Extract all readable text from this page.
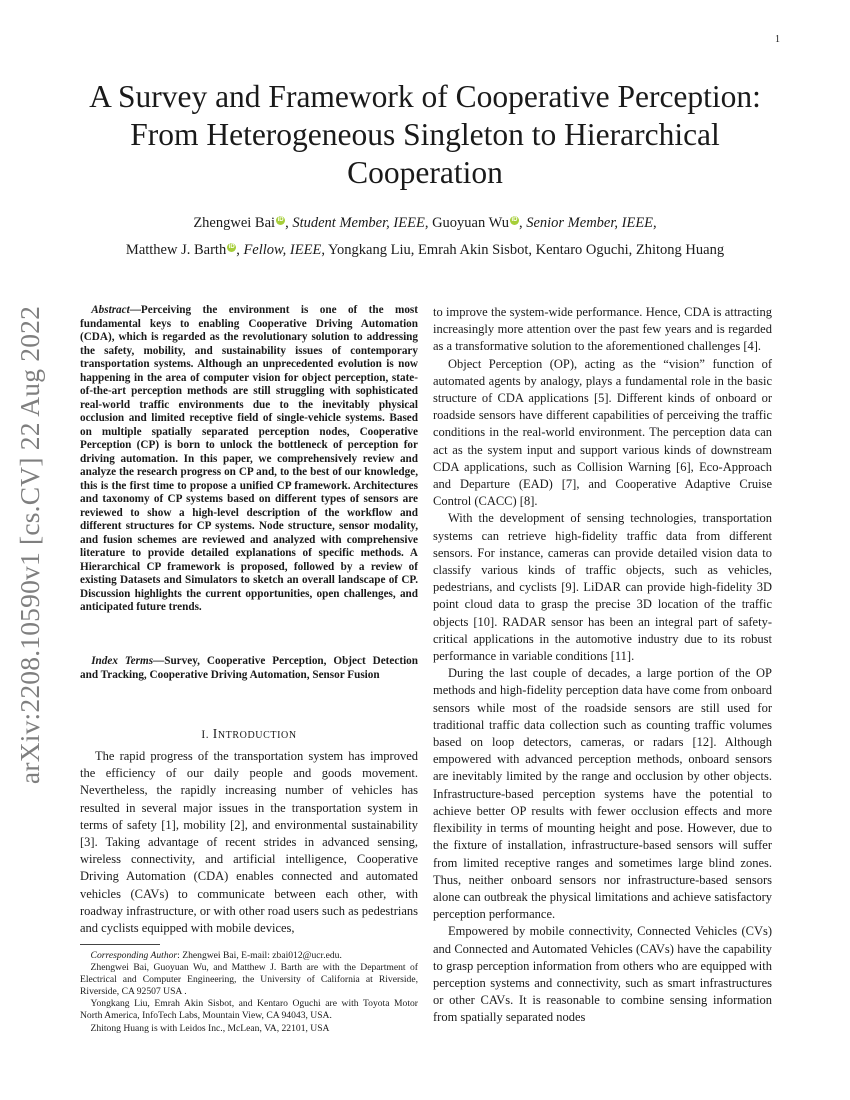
1
arXiv:2208.10590v1 [cs.CV] 22 Aug 2022
A Survey and Framework of Cooperative Perception: From Heterogeneous Singleton to Hierarchical Cooperation
Zhengwei Bai iD , Student Member, IEEE, Guoyuan Wu iD , Senior Member, IEEE,
Matthew J. Barth iD , Fellow, IEEE, Yongkang Liu, Emrah Akin Sisbot, Kentaro Oguchi, Zhitong Huang
Abstract—Perceiving the environment is one of the most fundamental keys to enabling Cooperative Driving Automation (CDA), which is regarded as the revolutionary solution to addressing the safety, mobility, and sustainability issues of contemporary transportation systems. Although an unprecedented evolution is now happening in the area of computer vision for object perception, state-of-the-art perception methods are still struggling with sophisticated real-world traffic environments due to the inevitably physical occlusion and limited receptive field of single-vehicle systems. Based on multiple spatially separated perception nodes, Cooperative Perception (CP) is born to unlock the bottleneck of perception for driving automation. In this paper, we comprehensively review and analyze the research progress on CP and, to the best of our knowledge, this is the first time to propose a unified CP framework. Architectures and taxonomy of CP systems based on different types of sensors are reviewed to show a high-level description of the workflow and different structures for CP systems. Node structure, sensor modality, and fusion schemes are reviewed and analyzed with comprehensive literature to provide detailed explanations of specific methods. A Hierarchical CP framework is proposed, followed by a review of existing Datasets and Simulators to sketch an overall landscape of CP. Discussion highlights the current opportunities, open challenges, and anticipated future trends.
Index Terms—Survey, Cooperative Perception, Object Detection and Tracking, Cooperative Driving Automation, Sensor Fusion
I. INTRODUCTION

The rapid progress of the transportation system has improved the efficiency of our daily people and goods movement. Nevertheless, the rapidly increasing number of vehicles has resulted in several major issues in the transportation system in terms of safety [1], mobility [2], and environmental sustainability [3]. Taking advantage of recent strides in advanced sensing, wireless connectivity, and artificial intelligence, Cooperative Driving Automation (CDA) enables connected and automated vehicles (CAVs) to communicate between each other, with roadway infrastructure, or with other road users such as pedestrians and cyclists equipped with mobile devices,

Corresponding Author: Zhengwei Bai, E-mail: zbai012@ucr.edu.

Zhengwei Bai, Guoyuan Wu, and Matthew J. Barth are with the Department of Electrical and Computer Engineering, the University of California at Riverside, Riverside, CA 92507 USA .

Yongkang Liu, Emrah Akin Sisbot, and Kentaro Oguchi are with Toyota Motor North America, InfoTech Labs, Mountain View, CA 94043, USA.

Zhitong Huang is with Leidos Inc., McLean, VA, 22101, USA

to improve the system-wide performance. Hence, CDA is attracting increasingly more attention over the past few years and is regarded as a transformative solution to the aforementioned challenges [4].

Object Perception (OP), acting as the “vision” function of automated agents by analogy, plays a fundamental role in the basic structure of CDA applications [5]. Different kinds of onboard or roadside sensors have different capabilities of perceiving the traffic conditions in the real-world environment. The perception data can act as the system input and support various kinds of downstream CDA applications, such as Collision Warning [6], Eco-Approach and Departure (EAD) [7], and Cooperative Adaptive Cruise Control (CACC) [8].

With the development of sensing technologies, transportation systems can retrieve high-fidelity traffic data from different sensors. For instance, cameras can provide detailed vision data to classify various kinds of traffic objects, such as vehicles, pedestrians, and cyclists [9]. LiDAR can provide high-fidelity 3D point cloud data to grasp the precise 3D location of the traffic objects [10]. RADAR sensor has been an integral part of safety-critical applications in the automotive industry due to its robust performance in variable conditions [11].

During the last couple of decades, a large portion of the OP methods and high-fidelity perception data have come from onboard sensors while most of the roadside sensors are still used for traditional traffic data collection such as counting traffic volumes based on loop detectors, cameras, or radars [12]. Although empowered with advanced perception methods, onboard sensors are inevitably limited by the range and occlusion by other objects. Infrastructure-based perception systems have the potential to achieve better OP results with fewer occlusion effects and more flexibility in terms of mounting height and pose. However, due to the fixture of installation, infrastructure-based sensors will suffer from limited receptive ranges and sometimes large blind zones. Thus, neither onboard sensors nor infrastructure-based sensors alone can outbreak the physical limitations and achieve satisfactory perception performance.

Empowered by mobile connectivity, Connected Vehicles (CVs) and Connected and Automated Vehicles (CAVs) have the capability to grasp perception information from others who are equipped with perception systems and connectivity, such as smart infrastructures or other CAVs. It is reasonable to combine sensing information from spatially separated nodes
